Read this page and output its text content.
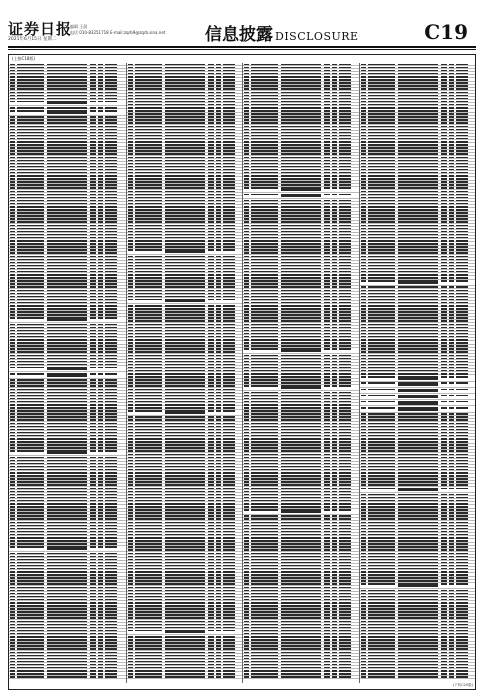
证券日报
2021年6月15日 星期二
编辑 王晨
电话 010-83251718 E-mail:zqrb9@zqrb.sina.net 信息披露 DISCLOSURE	C19
(上接C18版)
(下转C20版)
